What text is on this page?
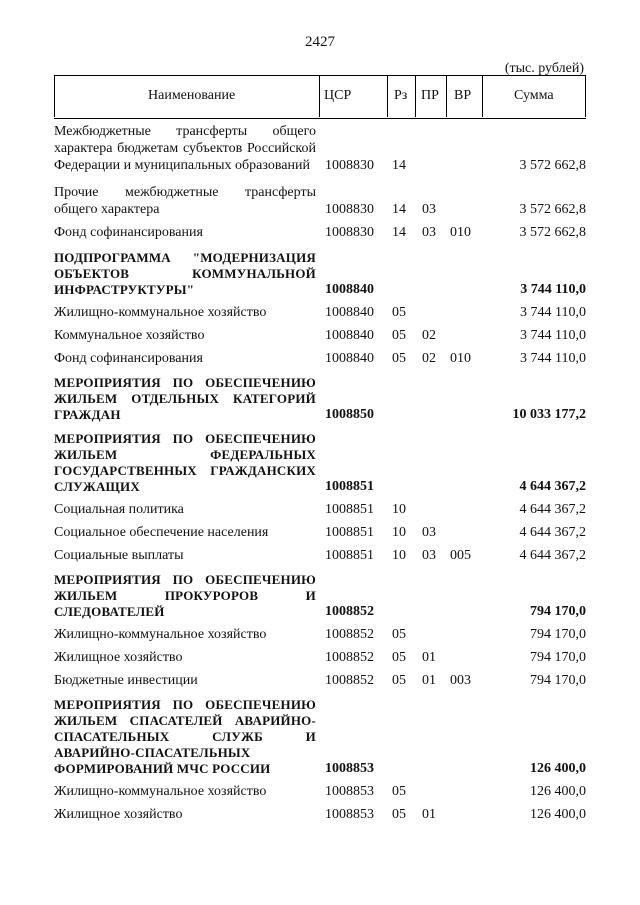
2427
(тыс. рублей)
Наименование	ЦСР	Рз ПР ВР	Сумма
Межбюджетные трансферты общего характера бюджетам субъектов Российской Федерации и муниципальных образований	1008830 14	3 572 662,8
Прочие межбюджетные трансферты общего характера	1008830 14 03	3 572 662,8
Фонд софинансирования	1008830 14 03 010	3 572 662,8
ПОДПРОГРАММА "МОДЕРНИЗАЦИЯ ОБЪЕКТОВ КОММУНАЛЬНОЙ ИНФРАСТРУКТУРЫ"	1008840	3 744 110,0
Жилищно-коммунальное хозяйство	1008840 05	3 744 110,0
Коммунальное хозяйство	1008840 05 02	3 744 110,0
Фонд софинансирования	1008840 05 02 010	3 744 110,0
МЕРОПРИЯТИЯ ПО ОБЕСПЕЧЕНИЮ ЖИЛЬЕМ ОТДЕЛЬНЫХ КАТЕГОРИЙ ГРАЖДАН	1008850	10 033 177,2
МЕРОПРИЯТИЯ ПО ОБЕСПЕЧЕНИЮ ЖИЛЬЕМ ФЕДЕРАЛЬНЫХ ГОСУДАРСТВЕННЫХ ГРАЖДАНСКИХ СЛУЖАЩИХ	1008851	4 644 367,2
Социальная политика	1008851 10	4 644 367,2
Социальное обеспечение населения	1008851 10 03	4 644 367,2
Социальные выплаты	1008851 10 03 005	4 644 367,2
МЕРОПРИЯТИЯ ПО ОБЕСПЕЧЕНИЮ ЖИЛЬЕМ ПРОКУРОРОВ И СЛЕДОВАТЕЛЕЙ	1008852	794 170,0
Жилищно-коммунальное хозяйство	1008852 05	794 170,0
Жилищное хозяйство	1008852 05 01	794 170,0
Бюджетные инвестиции	1008852 05 01 003	794 170,0
МЕРОПРИЯТИЯ ПО ОБЕСПЕЧЕНИЮ ЖИЛЬЕМ СПАСАТЕЛЕЙ АВАРИЙНО-СПАСАТЕЛЬНЫХ СЛУЖБ И АВАРИЙНО-СПАСАТЕЛЬНЫХ ФОРМИРОВАНИЙ МЧС РОССИИ	1008853	126 400,0
Жилищно-коммунальное хозяйство	1008853 05	126 400,0
Жилищное хозяйство	1008853 05 01	126 400,0
